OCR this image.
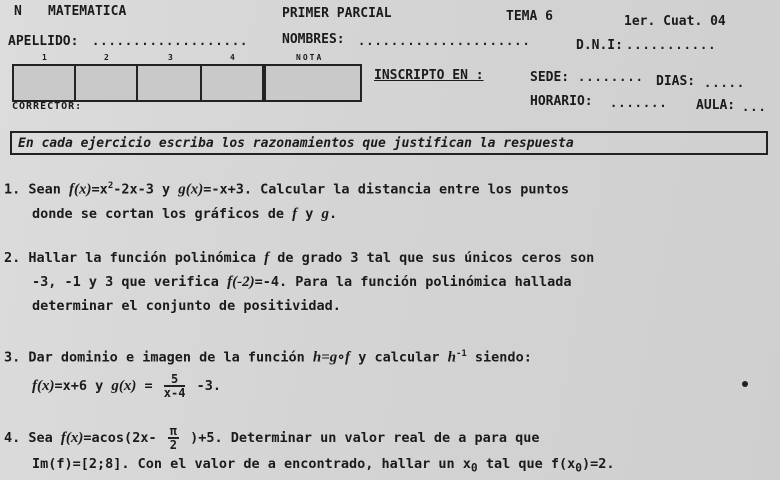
N MATEMATICA	PRIMER PARCIAL	TEMA 6	1er. Cuat. 04
APELLIDO: ...................	NOMBRES: .....................	D.N.I: ...........
1	2	3	4	NOTA
CORRECTOR:
INSCRIPTO EN :	SEDE: ........ DIAS: .....
HORARIO: ....... AULA: ...
En cada ejercicio escriba los razonamientos que justifican la respuesta
1. Sean $f(x)=x^2-2x-3$ y g(x)=-x+3. Calcular la distancia entre los puntos
donde se cortan los gráficos de f y g.
2. Hallar la función polinómica f de grado 3 tal que sus únicos ceros son
-3, -1 y 3 que verifica f(-2)=-4. Para la función polinómica hallada
determinar el conjunto de positividad.
3. Dar dominio e imagen de la función h=g∘f y calcular $h^{-1}$ siendo:
f(x)=x+6 y $g(x) = \frac{5}{x-4} -3$.
4. Sea $f(x)=acos(2x- \frac{\pi}{2} )+5$. Determinar un valor real de a para que
Im(f)=[2;8]. Con el valor de a encontrado, hallar un $x_0$ tal que $f(x_0)=2$.
